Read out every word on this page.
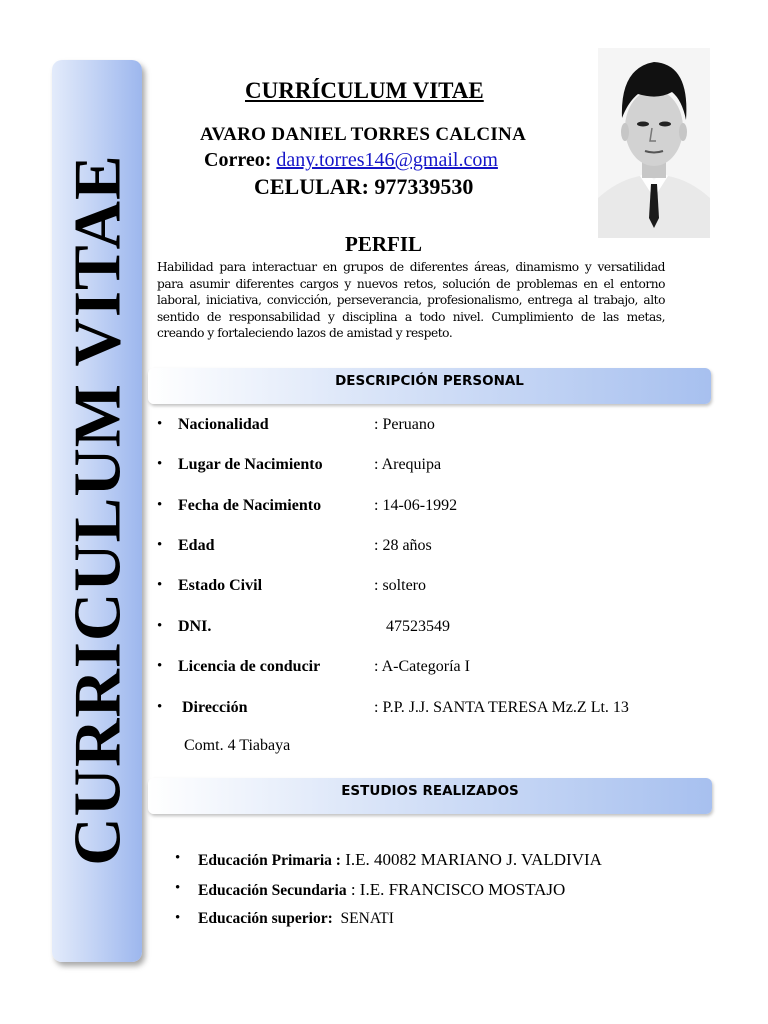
CURRICULUM VITAE
CURRÍCULUM VITAE
AVARO DANIEL TORRES CALCINA
Correo: dany.torres146@gmail.com
CELULAR: 977339530
PERFIL
Habilidad para interactuar en grupos de diferentes áreas, dinamismo y versatilidad para asumir diferentes cargos y nuevos retos, solución de problemas en el entorno laboral, iniciativa, convicción, perseverancia, profesionalismo, entrega al trabajo, alto sentido de responsabilidad y disciplina a todo nivel. Cumplimiento de las metas, creando y fortaleciendo lazos de amistad y respeto.
DESCRIPCIÓN PERSONAL
• Nacionalidad	: Peruano
• Lugar de Nacimiento	: Arequipa
• Fecha de Nacimiento	: 14-06-1992
• Edad	: 28 años
• Estado Civil	: soltero
• DNI.	47523549
• Licencia de conducir	: A-Categoría I
• Dirección	: P.P. J.J. SANTA TERESA Mz.Z Lt. 13
Comt. 4 Tiabaya
ESTUDIOS REALIZADOS
• Educación Primaria : I.E. 40082 MARIANO J. VALDIVIA
• Educación Secundaria : I.E. FRANCISCO MOSTAJO
• Educación superior:  SENATI
